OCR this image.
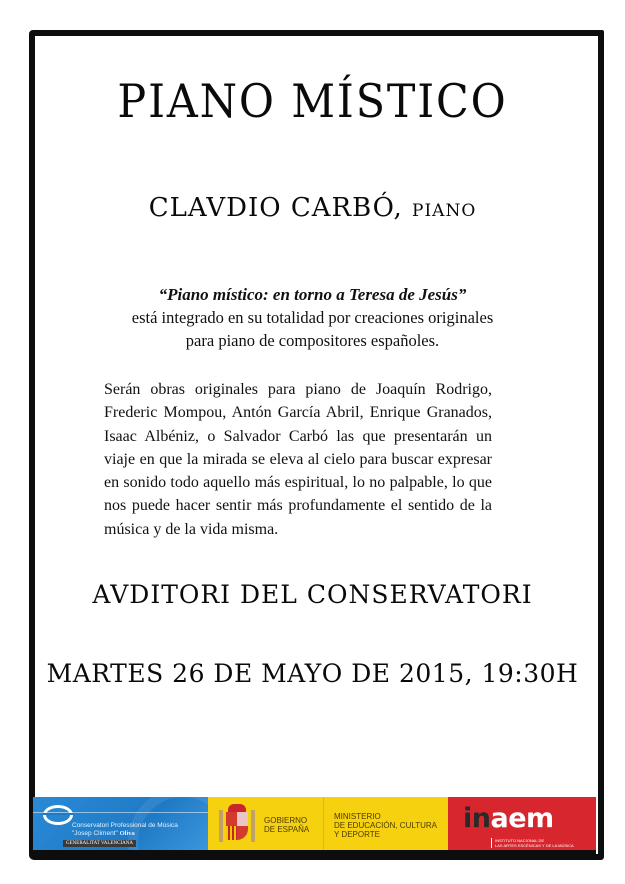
PIANO MÍSTICO
CLAVDIO CARBÓ, PIANO
“Piano místico: en torno a Teresa de Jesús”
está integrado en su totalidad por creaciones originales
para piano de compositores españoles.
Serán obras originales para piano de Joaquín Rodrigo, Frederic Mompou, Antón García Abril, Enrique Granados, Isaac Albéniz, o Salvador Carbó las que presentarán un viaje en que la mirada se eleva al cielo para buscar expresar en sonido todo aquello más espiritual, lo no palpable, lo que nos puede hacer sentir más profundamente el sentido de la música y de la vida misma.
AVDITORI DEL CONSERVATORI
MARTES 26 DE MAYO DE 2015, 19:30H
Conservatori Professional de Música
"Josep Climent" Oliva
GENERALITAT VALENCIANA
GOBIERNO
DE ESPAÑA
MINISTERIO
DE EDUCACIÓN, CULTURA
Y DEPORTE	inaem
INSTITUTO NACIONAL DE
LAS ARTES ESCÉNICAS Y DE LA MÚSICA
